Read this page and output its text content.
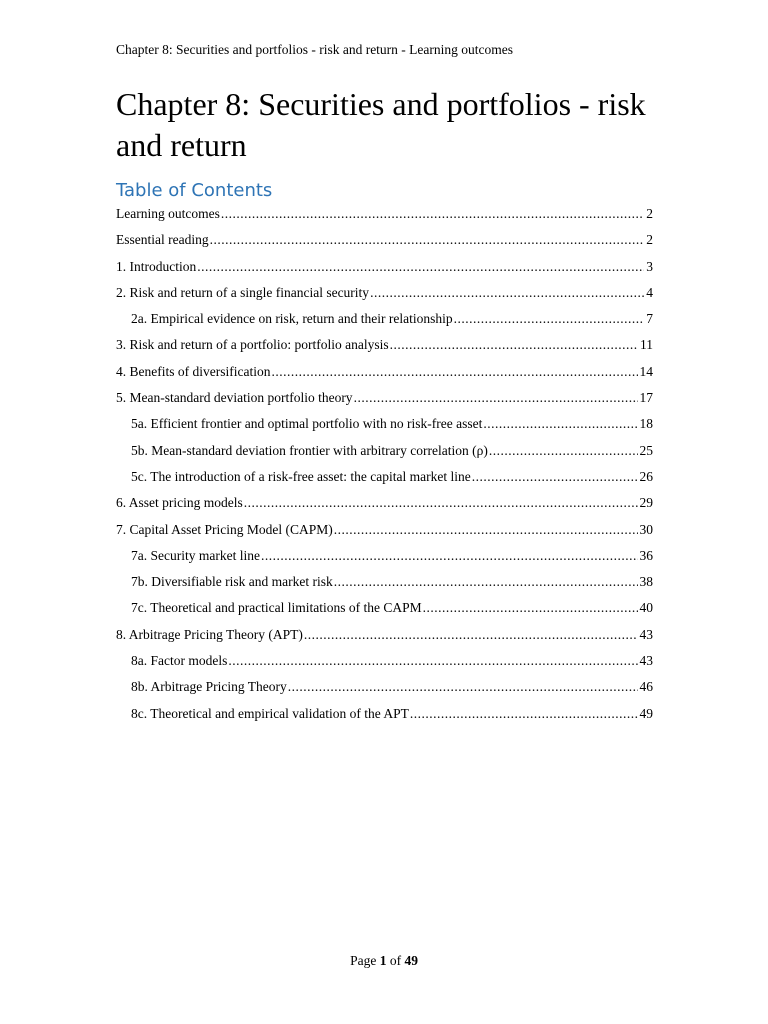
Chapter 8: Securities and portfolios - risk and return - Learning outcomes
Chapter 8: Securities and portfolios - risk and return
Table of Contents
Learning outcomes .....	2
Essential reading .....	2
1. Introduction .....	3
2. Risk and return of a single financial security .....	4
2a. Empirical evidence on risk, return and their relationship .....	7
3. Risk and return of a portfolio: portfolio analysis .....	11
4. Benefits of diversification .....	14
5. Mean-standard deviation portfolio theory .....	17
5a. Efficient frontier and optimal portfolio with no risk-free asset .....	18
5b. Mean-standard deviation frontier with arbitrary correlation (ρ) .....	25
5c. The introduction of a risk-free asset: the capital market line .....	26
6. Asset pricing models .....	29
7. Capital Asset Pricing Model (CAPM) .....	30
7a. Security market line .....	36
7b. Diversifiable risk and market risk .....	38
7c. Theoretical and practical limitations of the CAPM .....	40
8. Arbitrage Pricing Theory (APT) .....	43
8a. Factor models .....	43
8b. Arbitrage Pricing Theory .....	46
8c. Theoretical and empirical validation of the APT .....	49
Page 1 of 49
